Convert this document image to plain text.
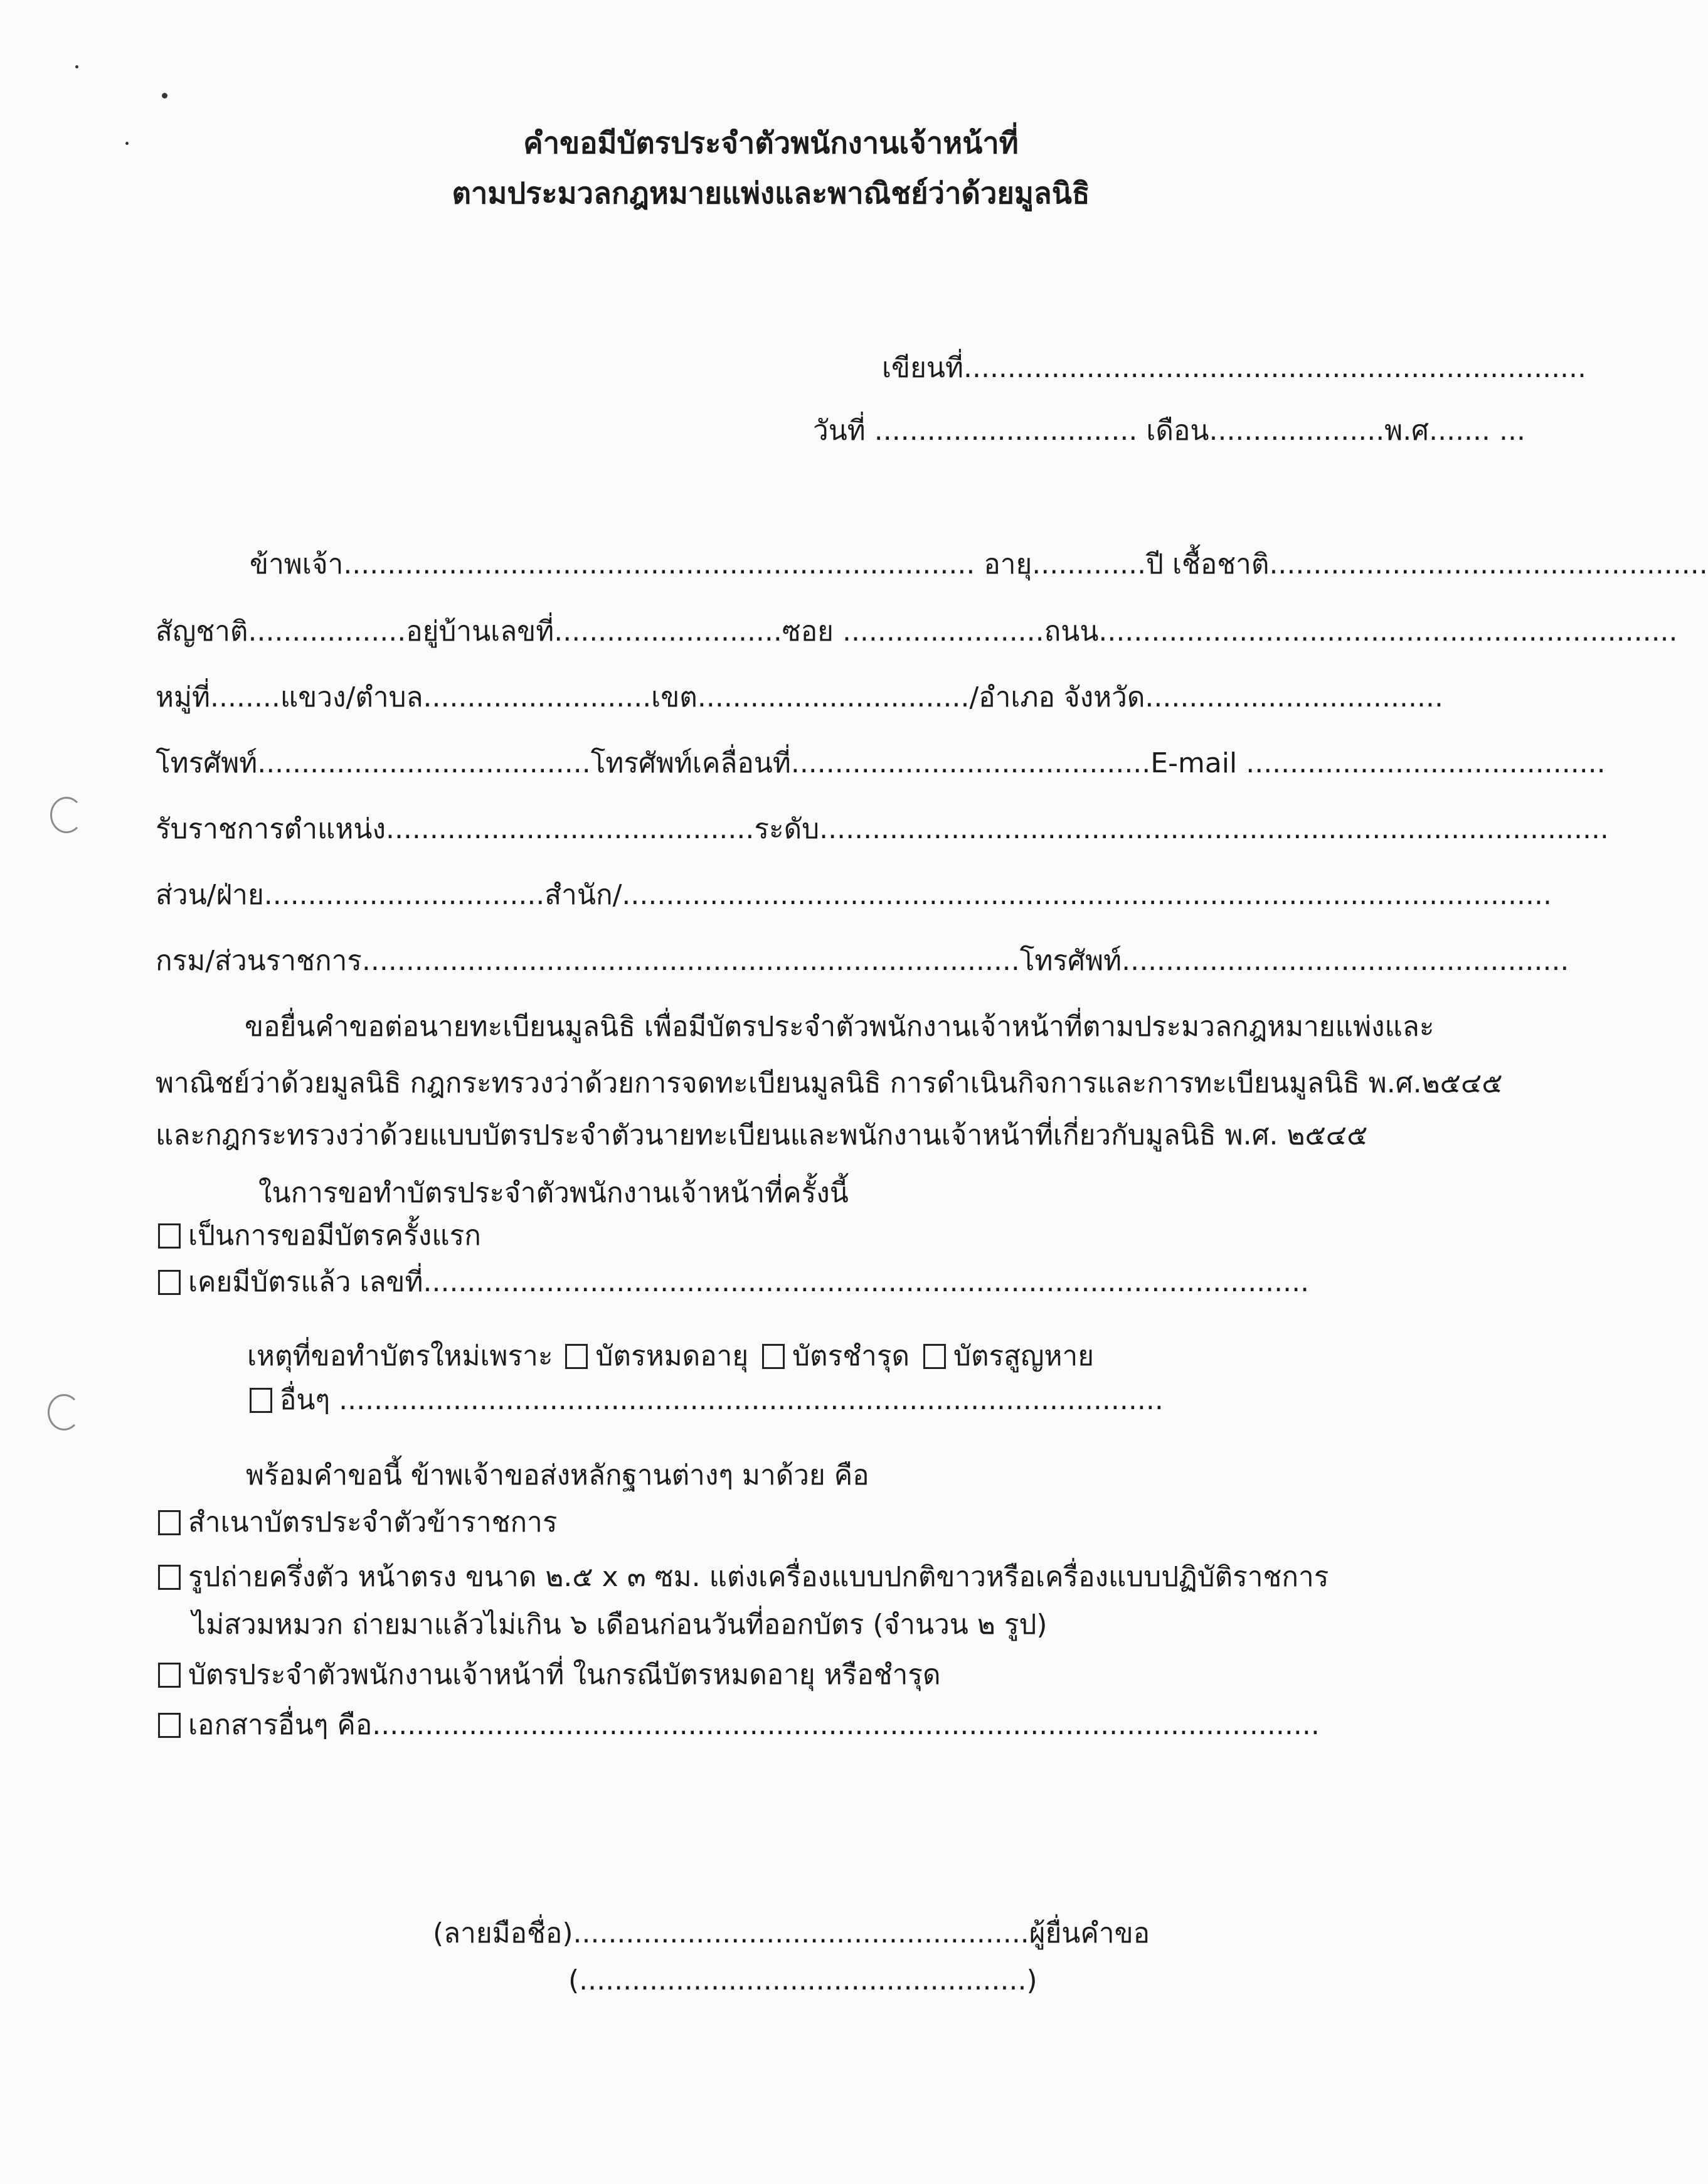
คำขอมีบัตรประจำตัวพนักงานเจ้าหน้าที่
ตามประมวลกฎหมายแพ่งและพาณิชย์ว่าด้วยมูลนิธิ
เขียนที่.......................................................................
วันที่ .............................. เดือน....................พ.ศ....... ...
ข้าพเจ้า........................................................................ อายุ.............ปี เชื้อชาติ..................................................
สัญชาติ..................อยู่บ้านเลขที่..........................ซอย .......................ถนน..................................................................
หมู่ที่........แขวง/ตำบล..........................เขต.............................../อำเภอ จังหวัด..................................
โทรศัพท์......................................โทรศัพท์เคลื่อนที่.........................................E-mail .........................................
รับราชการตำแหน่ง..........................................ระดับ..........................................................................................
ส่วน/ฝ่าย................................สำนัก/..........................................................................................................
กรม/ส่วนราชการ...........................................................................โทรศัพท์...................................................
ขอยื่นคำขอต่อนายทะเบียนมูลนิธิ เพื่อมีบัตรประจำตัวพนักงานเจ้าหน้าที่ตามประมวลกฎหมายแพ่งและ
พาณิชย์ว่าด้วยมูลนิธิ กฎกระทรวงว่าด้วยการจดทะเบียนมูลนิธิ การดำเนินกิจการและการทะเบียนมูลนิธิ พ.ศ.๒๕๔๕
และกฎกระทรวงว่าด้วยแบบบัตรประจำตัวนายทะเบียนและพนักงานเจ้าหน้าที่เกี่ยวกับมูลนิธิ พ.ศ. ๒๕๔๕
ในการขอทำบัตรประจำตัวพนักงานเจ้าหน้าที่ครั้งนี้
เป็นการขอมีบัตรครั้งแรก
เคยมีบัตรแล้ว เลขที่.....................................................................................................
เหตุที่ขอทำบัตรใหม่เพราะ บัตรหมดอายุ บัตรชำรุด บัตรสูญหาย
อื่นๆ ..............................................................................................
พร้อมคำขอนี้ ข้าพเจ้าขอส่งหลักฐานต่างๆ มาด้วย คือ
สำเนาบัตรประจำตัวข้าราชการ
รูปถ่ายครึ่งตัว หน้าตรง ขนาด ๒.๕ x ๓ ซม. แต่งเครื่องแบบปกติขาวหรือเครื่องแบบปฏิบัติราชการ
ไม่สวมหมวก ถ่ายมาแล้วไม่เกิน ๖ เดือนก่อนวันที่ออกบัตร (จำนวน ๒ รูป)
บัตรประจำตัวพนักงานเจ้าหน้าที่ ในกรณีบัตรหมดอายุ หรือชำรุด
เอกสารอื่นๆ คือ............................................................................................................
(ลายมือชื่อ)....................................................ผู้ยื่นคำขอ
(...................................................)
